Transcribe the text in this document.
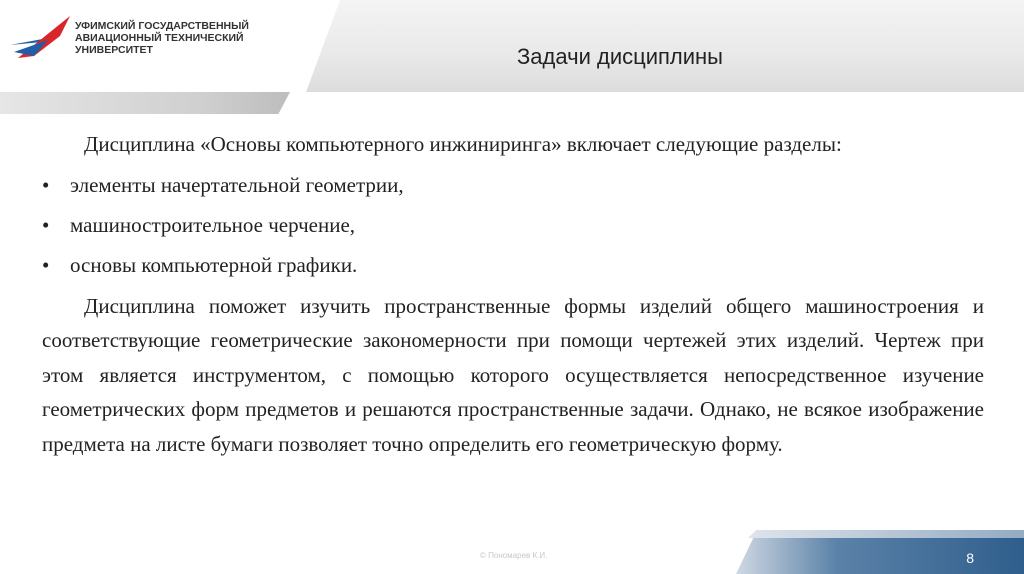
УФИМСКИЙ ГОСУДАРСТВЕННЫЙ
АВИАЦИОННЫЙ ТЕХНИЧЕСКИЙ
УНИВЕРСИТЕТ	Задачи дисциплины

Дисциплина «Основы компьютерного инжиниринга» включает следующие разделы:

• элементы начертательной геометрии,
• машиностроительное черчение,
• основы компьютерной графики.

Дисциплина поможет изучить пространственные формы изделий общего машиностроения и соответствующие геометрические закономерности при помощи чертежей этих изделий. Чертеж при этом является инструментом, с помощью которого осуществляется непосредственное изучение геометрических форм предметов и решаются пространственные задачи. Однако, не всякое изображение предмета на листе бумаги позволяет точно определить его геометрическую форму.

© Пономарев К.И.	8
